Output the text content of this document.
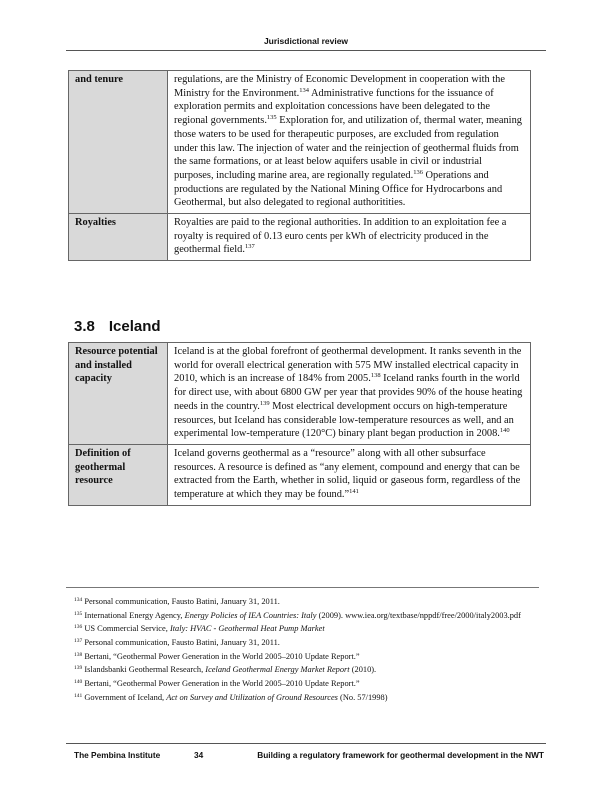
Jurisdictional review
and tenure	regulations, are the Ministry of Economic Development in cooperation with the Ministry for the Environment.$^{134}$ Administrative functions for the issuance of exploration permits and exploitation concessions have been delegated to the regional governments.$^{135}$ Exploration for, and utilization of, thermal water, meaning those waters to be used for therapeutic purposes, are excluded from regulation under this law. The injection of water and the reinjection of geothermal fluids from the same formations, or at least below aquifers usable in civil or industrial purposes, including marine area, are regionally regulated.$^{136}$ Operations and productions are regulated by the National Mining Office for Hydrocarbons and Geothermal, but also delegated to regional authoritities.
Royalties	Royalties are paid to the regional authorities. In addition to an exploitation fee a royalty is required of 0.13 euro cents per kWh of electricity produced in the geothermal field.$^{137}$
3.8 Iceland
Resource potential and installed capacity	Iceland is at the global forefront of geothermal development. It ranks seventh in the world for overall electrical generation with 575 MW installed electrical capacity in 2010, which is an increase of 184% from 2005.$^{138}$ Iceland ranks fourth in the world for direct use, with about 6800 GW per year that provides 90% of the house heating needs in the country.$^{139}$ Most electrical development occurs on high-temperature resources, but Iceland has considerable low-temperature resources as well, and an experimental low-temperature (120°C) binary plant began production in 2008.$^{140}$
Definition of geothermal resource	Iceland governs geothermal as a “resource” along with all other subsurface resources. A resource is defined as “any element, compound and energy that can be extracted from the Earth, whether in solid, liquid or gaseous form, regardless of the temperature at which they may be found.”$^{141}$
$^{134}$ Personal communication, Fausto Batini, January 31, 2011.
$^{135}$ International Energy Agency, Energy Policies of IEA Countries: Italy (2009). www.iea.org/textbase/nppdf/free/2000/italy2003.pdf
$^{136}$ US Commercial Service, Italy: HVAC - Geothermal Heat Pump Market
$^{137}$ Personal communication, Fausto Batini, January 31, 2011.
$^{138}$ Bertani, “Geothermal Power Generation in the World 2005–2010 Update Report.”
$^{139}$ Islandsbanki Geothermal Research, Iceland Geothermal Energy Market Report (2010).
$^{140}$ Bertani, “Geothermal Power Generation in the World 2005–2010 Update Report.”
$^{141}$ Government of Iceland, Act on Survey and Utilization of Ground Resources (No. 57/1998)
The Pembina Institute	34	Building a regulatory framework for geothermal development in the NWT
